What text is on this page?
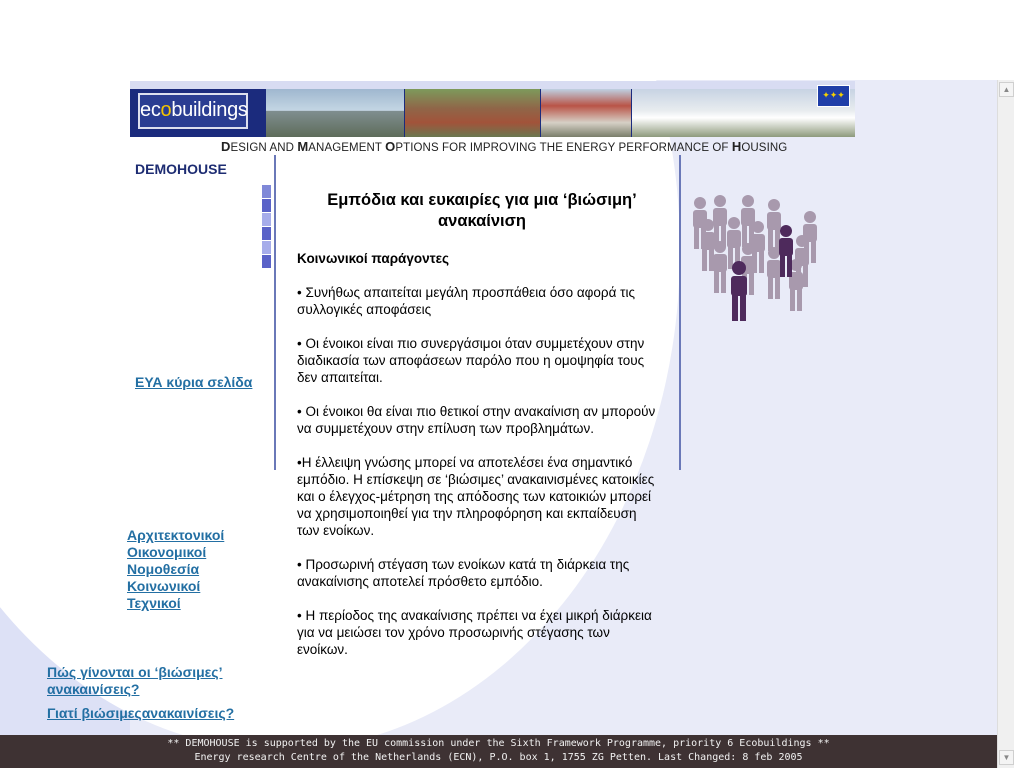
ecobuildings
✦✦✦
DESIGN AND MANAGEMENT OPTIONS FOR IMPROVING THE ENERGY PERFORMANCE OF HOUSING
DEMOHOUSE
ΕΥΑ κύρια σελίδα
Αρχιτεκτονικοί
Οικονομικοί
Νομοθεσία
Κοινωνικοί
Τεχνικοί
Πώς γίνονται οι ‘βιώσιμες’ ανακαινίσεις?
Γιατί βιώσιμεςανακαινίσεις?
Εμπόδια και ευκαιρίες για μια ‘βιώσιμη’ ανακαίνιση
Κοινωνικοί παράγοντες
• Συνήθως απαιτείται μεγάλη προσπάθεια όσο αφορά τις συλλογικές αποφάσεις
• Οι ένοικοι είναι πιο συνεργάσιμοι όταν συμμετέχουν στην διαδικασία των αποφάσεων παρόλο που η ομοψηφία τους δεν απαιτείται.
• Οι ένοικοι θα είναι πιο θετικοί στην ανακαίνιση αν μπορούν να συμμετέχουν στην επίλυση των προβλημάτων.
•Η έλλειψη γνώσης μπορεί να αποτελέσει ένα σημαντικό εμπόδιο. Η επίσκεψη σε ‘βιώσιμες’ ανακαινισμένες κατοικίες και ο έλεγχος-μέτρηση της απόδοσης των κατοικιών μπορεί να χρησιμοποιηθεί για την πληροφόρηση και εκπαίδευση των ενοίκων.
• Προσωρινή στέγαση των ενοίκων κατά τη διάρκεια της ανακαίνισης αποτελεί πρόσθετο εμπόδιο.
• Η περίοδος της ανακαίνισης πρέπει να έχει μικρή διάρκεια για να μειώσει τον χρόνο προσωρινής στέγασης των ενοίκων.
** DEMOHOUSE is supported by the EU commission under the Sixth Framework Programme, priority 6 Ecobuildings **
Energy research Centre of the Netherlands (ECN), P.O. box 1, 1755 ZG Petten. Last Changed: 8 feb 2005
▲
▼
